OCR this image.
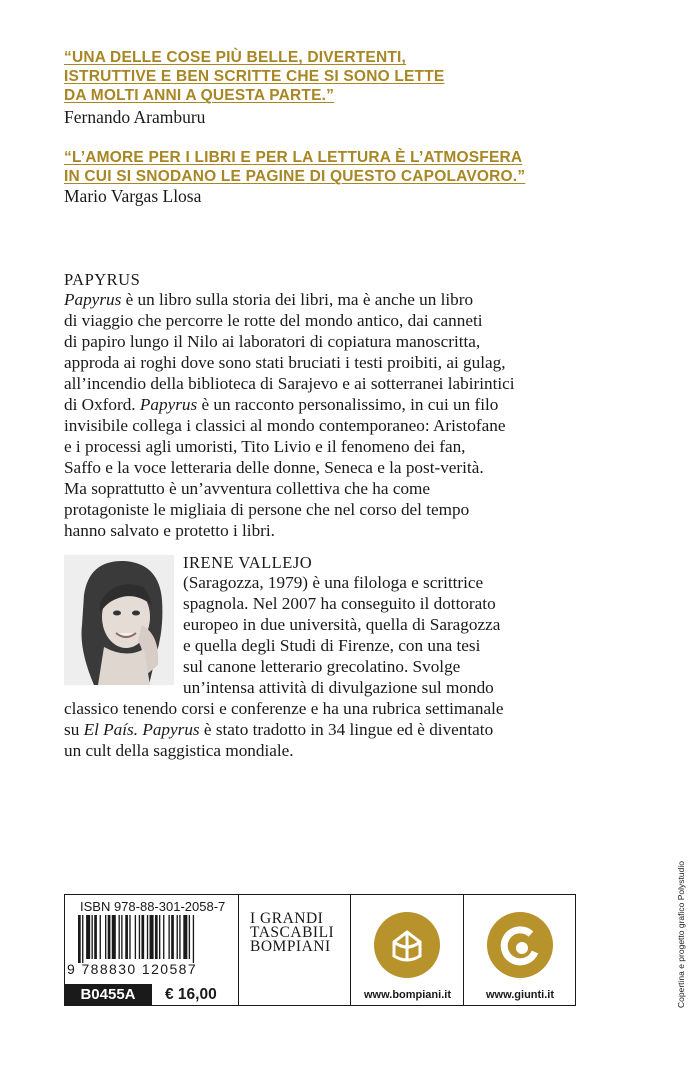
“UNA DELLE COSE PIÙ BELLE, DIVERTENTI,
ISTRUTTIVE E BEN SCRITTE CHE SI SONO LETTE
DA MOLTI ANNI A QUESTA PARTE.”
Fernando Aramburu
“L’AMORE PER I LIBRI E PER LA LETTURA È L’ATMOSFERA
IN CUI SI SNODANO LE PAGINE DI QUESTO CAPOLAVORO.”
Mario Vargas Llosa
PAPYRUS
Papyrus è un libro sulla storia dei libri, ma è anche un libro
di viaggio che percorre le rotte del mondo antico, dai canneti
di papiro lungo il Nilo ai laboratori di copiatura manoscritta,
approda ai roghi dove sono stati bruciati i testi proibiti, ai gulag,
all’incendio della biblioteca di Sarajevo e ai sotterranei labirintici
di Oxford. Papyrus è un racconto personalissimo, in cui un filo
invisibile collega i classici al mondo contemporaneo: Aristofane
e i processi agli umoristi, Tito Livio e il fenomeno dei fan,
Saffo e la voce letteraria delle donne, Seneca e la post-verità.
Ma soprattutto è un’avventura collettiva che ha come
protagoniste le migliaia di persone che nel corso del tempo
hanno salvato e protetto i libri.
IRENE VALLEJO
(Saragozza, 1979) è una filologa e scrittrice
spagnola. Nel 2007 ha conseguito il dottorato
europeo in due università, quella di Saragozza
e quella degli Studi di Firenze, con una tesi
sul canone letterario grecolatino. Svolge
un’intensa attività di divulgazione sul mondo
classico tenendo corsi e conferenze e ha una rubrica settimanale
su El País. Papyrus è stato tradotto in 34 lingue ed è diventato
un cult della saggistica mondiale.
ISBN 978-88-301-2058-7
9 788830 120587
B0455A	€ 16,00
I GRANDI
TASCABILI
BOMPIANI
www.bompiani.it	www.giunti.it	Copertina e progetto grafico Polystudio
